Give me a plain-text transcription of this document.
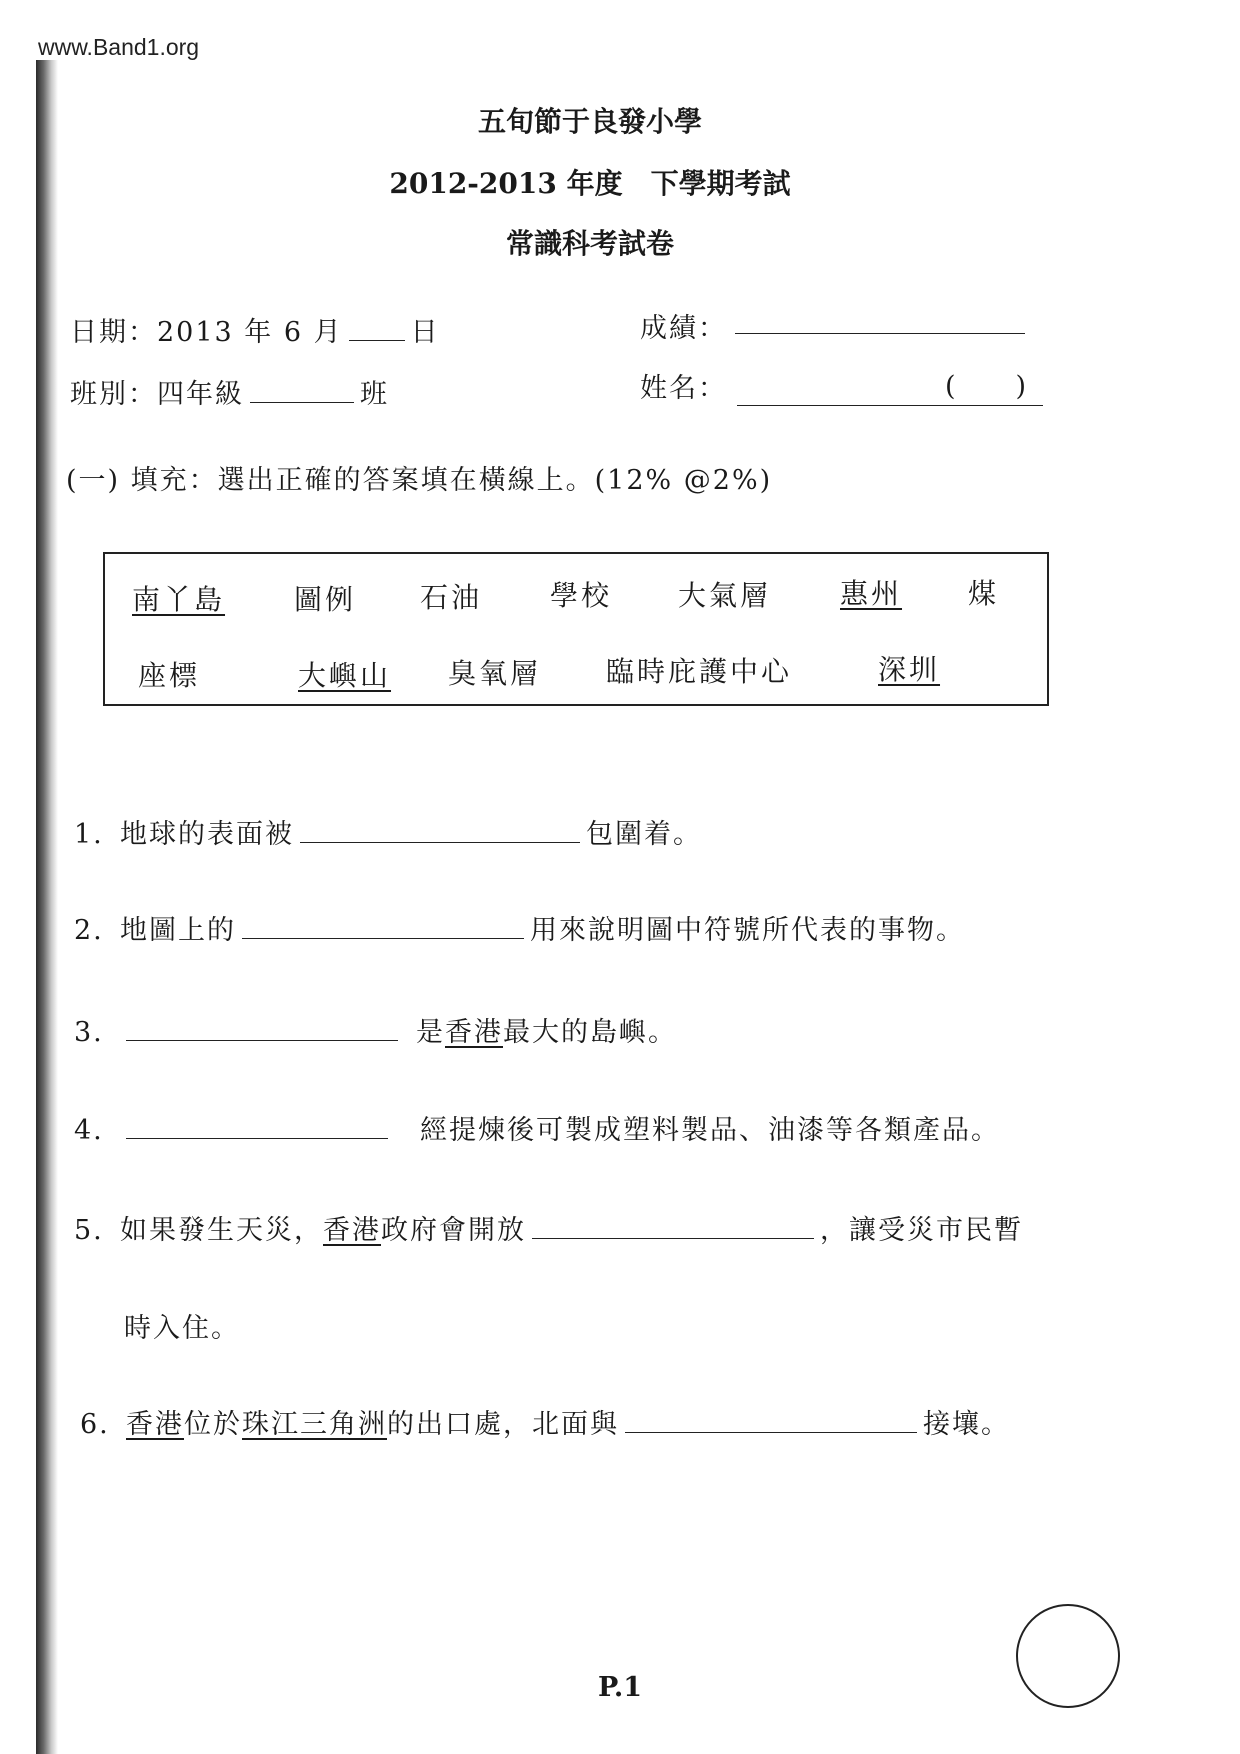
www.Band1.org
五旬節于良發小學
2012-2013 年度　下學期考試
常識科考試卷
日期：2013 年 6 月	日	成績：
班別：四年級	班	姓名：	(　　)
(一) 填充：選出正確的答案填在橫線上。(12% @2%)
南丫島 圖例 石油 學校 大氣層 惠州 煤
座標	大嶼山 臭氧層 臨時庇護中心	深圳
1. 地球的表面被	包圍着。
2. 地圖上的	用來說明圖中符號所代表的事物。
3.	是香港最大的島嶼。
4.	經提煉後可製成塑料製品、油漆等各類產品。
5. 如果發生天災，香港政府會開放	，讓受災市民暫
時入住。
6. 香港位於珠江三角洲的出口處，北面與	接壤。
P.1
